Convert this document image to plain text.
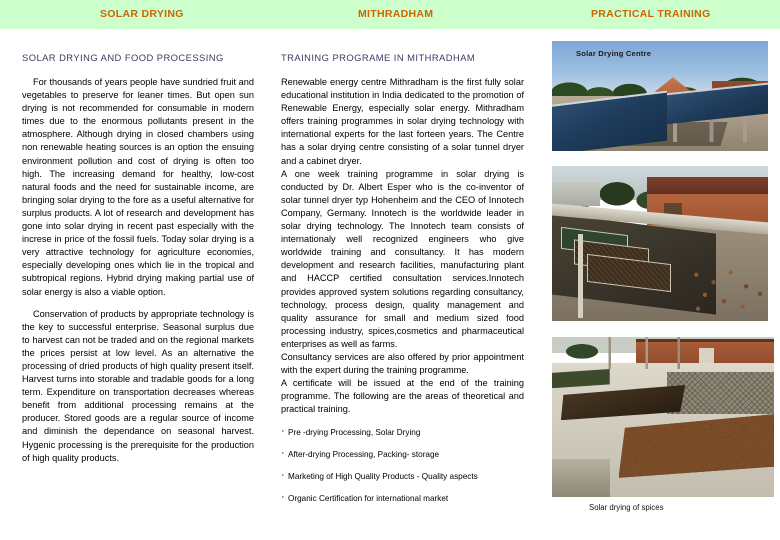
SOLAR DRYING	MITHRADHAM	PRACTICAL TRAINING
SOLAR DRYING AND FOOD PROCESSING

For thousands of years people have sundried fruit and vegetables to preserve for leaner times. But open sun drying is not recommended for consumable in modern times due to the enormous pollutants present in the atmosphere. Although drying in closed chambers using non renewable heating sources is an option the ensuing environment pollution and cost of drying is often too high. The increasing demand for healthy, low-cost natural foods and the need for sustainable income, are bringing solar drying to the fore as a useful alternative for surplus products. A lot of research and development has gone into solar drying in recent past especially with the increse in price of the fossil fuels. Today solar drying is a very attractive technology for agriculture economies, especially developing ones which lie in the tropical and subtropical regions. Hybrid drying making partial use of solar energy is also a viable option.

Conservation of products by appropriate technology is the key to successful enterprise. Seasonal surplus due to harvest can not be traded and on the regional markets the prices persist at low level. As an alternative the processing of dried products of high quality present itself. Harvest turns into storable and tradable goods for a long term. Expenditure on transportation decreases whereas benefit from additional processing remains at the producer. Stored goods are a regular source of income and diminish the dependance on seasonal harvest. Hygenic processing is the prerequisite for the production of high quality products.

TRAINING PROGRAME IN MITHRADHAM

Renewable energy centre Mithradham is the first fully solar educational institution in India dedicated to the promotion of Renewable Energy, especially solar energy. Mithradham offers training programmes in solar drying technology with international experts for the last forteen years. The Centre has a solar drying centre consisting of a solar tunnel dryer and a cabinet dryer.

A one week training programme in solar drying is conducted by Dr. Albert Esper who is the co-inventor of solar tunnel dryer typ Hohenheim and the CEO of Innotech Company, Germany. Innotech is the worldwide leader in solar drying technology. The Innotech team consists of internationaly well recognized engineers who give worldwide training and consultancy. It has modern development and research facilities, manufacturing plant and HACCP certified consultation services.Innotech provides approved system solutions regarding consultancy, technology, process design, quality management and quality assurance for small and medium sized food processing industry, spices,cosmetics and pharmaceutical enterprises as well as farms.

Consultancy services are also offered by prior appointment with the expert during the training programme.

A certificate will be issued at the end of the training programme. The following are the areas of theoretical and practical training.

· Pre -drying Processing, Solar Drying
· After-drying Processing, Packing- storage
· Marketing of High Quality Products - Quality aspects
· Organic Certification for international market
Solar Drying Centre
Solar drying of spices
